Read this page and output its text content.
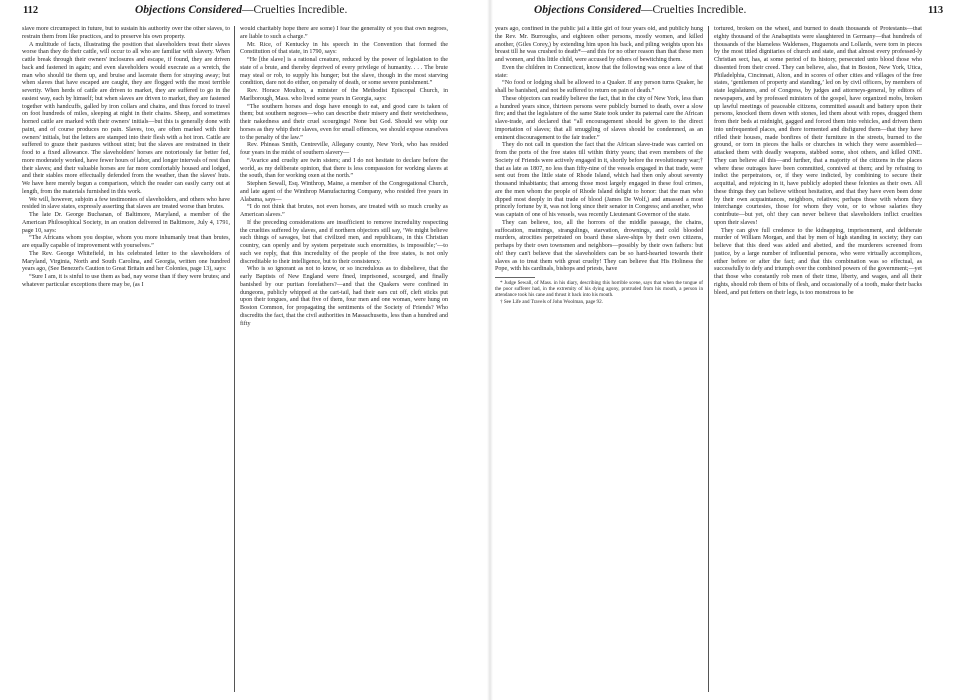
112	Objections Considered—Cruelties Incredible.

slave more circumspect in future, but to sustain his authority over the other slaves, to restrain them from like practices, and to preserve his own property.

A multitude of facts, illustrating the position that slaveholders treat their slaves worse than they do their cattle, will occur to all who are familiar with slavery. When cattle break through their owners' inclosures and escape, if found, they are driven back and fastened in again; and even slaveholders would execrate as a wretch, the man who should tie them up, and bruise and lacerate them for straying away; but when slaves that have escaped are caught, they are flogged with the most terrible severity. When herds of cattle are driven to market, they are suffered to go in the easiest way, each by himself; but when slaves are driven to market, they are fastened together with handcuffs, galled by iron collars and chains, and thus forced to travel on foot hundreds of miles, sleeping at night in their chains. Sheep, and sometimes horned cattle are marked with their owners' initials—but this is generally done with paint, and of course produces no pain. Slaves, too, are often marked with their owners' initials, but the letters are stamped into their flesh with a hot iron. Cattle are suffered to graze their pastures without stint; but the slaves are restrained in their food to a fixed allowance. The slaveholders' horses are notoriously far better fed, more moderately worked, have fewer hours of labor, and longer intervals of rest than their slaves; and their valuable horses are far more comfortably housed and lodged, and their stables more effectually defended from the weather, than the slaves' huts. We have here merely begun a comparison, which the reader can easily carry out at length, from the materials furnished in this work.

We will, however, subjoin a few testimonies of slaveholders, and others who have resided in slave states, expressly asserting that slaves are treated worse than brutes.

The late Dr. George Buchanan, of Baltimore, Maryland, a member of the American Philosophical Society, in an oration delivered in Baltimore, July 4, 1791, page 10, says:

“The Africans whom you despise, whom you more inhumanly treat than brutes, are equally capable of improvement with yourselves.”

The Rev. George Whitefield, in his celebrated letter to the slaveholders of Maryland, Virginia, North and South Carolina, and Georgia, written one hundred years ago, (See Benezet's Caution to Great Britain and her Colonies, page 13), says:

“Sure I am, it is sinful to use them as bad, nay worse than if they were brutes; and whatever particular exceptions there may be, (as I

would charitably hope there are some) I fear the generality of you that own negroes, are liable to such a charge.”

Mr. Rice, of Kentucky in his speech in the Convention that formed the Constitution of that state, in 1790, says:

“He [the slave] is a rational creature, reduced by the power of legislation to the state of a brute, and thereby deprived of every privilege of humanity. . . . The brute may steal or rob, to supply his hunger; but the slave, though in the most starving condition, dare not do either, on penalty of death, or some severe punishment.”

Rev. Horace Moulton, a minister of the Methodist Episcopal Church, in Marlborough, Mass. who lived some years in Georgia, says:

“The southern horses and dogs have enough to eat, and good care is taken of them; but southern negroes—who can describe their misery and their wretchedness, their nakedness and their cruel scourgings! None but God. Should we whip our horses as they whip their slaves, even for small offences, we should expose ourselves to the penalty of the law.”

Rev. Phineas Smith, Centreville, Allegany county, New York, who has resided four years in the midst of southern slavery—

“Avarice and cruelty are twin sisters; and I do not hesitate to declare before the world, as my deliberate opinion, that there is less compassion for working slaves at the south, than for working oxen at the north.”

Stephen Sewall, Esq. Winthrop, Maine, a member of the Congregational Church, and late agent of the Winthrop Manufacturing Company, who resided five years in Alabama, says—

“I do not think that brutes, not even horses, are treated with so much cruelty as American slaves.”

If the preceding considerations are insufficient to remove incredulity respecting the cruelties suffered by slaves, and if northern objectors still say, ‘We might believe such things of savages, but that civilized men, and republicans, in this Christian country, can openly and by system perpetrate such enormities, is impossible;’—to such we reply, that this incredulity of the people of the free states, is not only discreditable to their intelligence, but to their consistency.

Who is so ignorant as not to know, or so incredulous as to disbelieve, that the early Baptists of New England were fined, imprisoned, scourged, and finally banished by our puritan forefathers?—and that the Quakers were confined in dungeons, publicly whipped at the cart-tail, had their ears cut off, cleft sticks put upon their tongues, and that five of them, four men and one woman, were hung on Boston Common, for propagating the sentiments of the Society of Friends? Who discredits the fact, that the civil authorities in Massachusetts, less than a hundred and fifty

Objections Considered—Cruelties Incredible.	113

years ago, confined in the public jail a little girl of four years old, and publicly hung the Rev. Mr. Burroughs, and eighteen other persons, mostly women, and killed another, (Giles Corey,) by extending him upon his back, and piling weights upon his breast till he was crushed to death*—and this for no other reason than that these men and women, and this little child, were accused by others of bewitching them.

Even the children in Connecticut, know that the following was once a law of that state:

“No food or lodging shall be allowed to a Quaker. If any person turns Quaker, he shall be banished, and not be suffered to return on pain of death.”

These objectors can readily believe the fact, that in the city of New York, less than a hundred years since, thirteen persons were publicly burned to death, over a slow fire; and that the legislature of the same State took under its paternal care the African slave-trade, and declared that “all encouragement should be given to the direct importation of slaves; that all smuggling of slaves should be condemned, as an eminent discouragement to the fair trader.”

They do not call in question the fact that the African slave-trade was carried on from the ports of the free states till within thirty years; that even members of the Society of Friends were actively engaged in it, shortly before the revolutionary war;† that as late as 1807, no less than fifty-nine of the vessels engaged in that trade, were sent out from the little state of Rhode Island, which had then only about seventy thousand inhabitants; that among those most largely engaged in these foul crimes, are the men whom the people of Rhode Island delight to honor: that the man who dipped most deeply in that trade of blood (James De Wolf,) and amassed a most princely fortune by it, was not long since their senator in Congress; and another, who was captain of one of his vessels, was recently Lieutenant Governor of the state.

They can believe, too, all the horrors of the middle passage, the chains, suffocation, maimings, strangulings, starvation, drownings, and cold blooded murders, atrocities perpetrated on board these slave-ships by their own citizens, perhaps by their own townsmen and neighbors—possibly by their own fathers: but oh! they can't believe that the slaveholders can be so hard-hearted towards their slaves as to treat them with great cruelty! They can believe that His Holiness the Pope, with his cardinals, bishops and priests, have

* Judge Sewall, of Mass. in his diary, describing this horrible scene, says that when the tongue of the poor sufferer had, in the extremity of his dying agony, protruded from his mouth, a person in attendance took his cane and thrust it back into his mouth.

† See Life and Travels of John Woolman, page 92.

tortured, broken on the wheel, and burned to death thousands of Protestants—that eighty thousand of the Anabaptists were slaughtered in Germany—that hundreds of thousands of the blameless Waldenses, Huguenots and Lollards, were torn in pieces by the most titled dignitaries of church and state, and that almost every professed-ly Christian sect, has, at some period of its history, persecuted unto blood those who dissented from their creed. They can believe, also, that in Boston, New York, Utica, Philadelphia, Cincinnati, Alton, and in scores of other cities and villages of the free states, ‘gentlemen of property and standing,’ led on by civil officers, by members of state legislatures, and of Congress, by judges and attorneys-general, by editors of newspapers, and by professed ministers of the gospel, have organized mobs, broken up lawful meetings of peaceable citizens, committed assault and battery upon their persons, knocked them down with stones, led them about with ropes, dragged them from their beds at midnight, gagged and forced them into vehicles, and driven them into unfrequented places, and there tormented and disfigured them—that they have rifled their houses, made bonfires of their furniture in the streets, burned to the ground, or torn in pieces the halls or churches in which they were assembled—attacked them with deadly weapons, stabbed some, shot others, and killed ONE. They can believe all this—and further, that a majority of the citizens in the places where these outrages have been committed, connived at them; and by refusing to indict the perpetrators, or, if they were indicted, by combining to secure their acquittal, and rejoicing in it, have publicly adopted these felonies as their own. All these things they can believe without hesitation, and that they have even been done by their own acquaintances, neighbors, relatives; perhaps those with whom they interchange courtesies, those for whom they vote, or to whose salaries they contribute—but yet, oh! they can never believe that slaveholders inflict cruelties upon their slaves!

They can give full credence to the kidnapping, imprisonment, and deliberate murder of William Morgan, and that by men of high standing in society; they can believe that this deed was aided and abetted, and the murderers screened from justice, by a large number of influential persons, who were virtually accomplices, either before or after the fact; and that this combination was so effectual, as successfully to defy and triumph over the combined powers of the government;—yet that those who constantly rob men of their time, liberty, and wages, and all their rights, should rob them of bits of flesh, and occasionally of a tooth, make their backs bleed, and put fetters on their legs, is too monstrous to be
